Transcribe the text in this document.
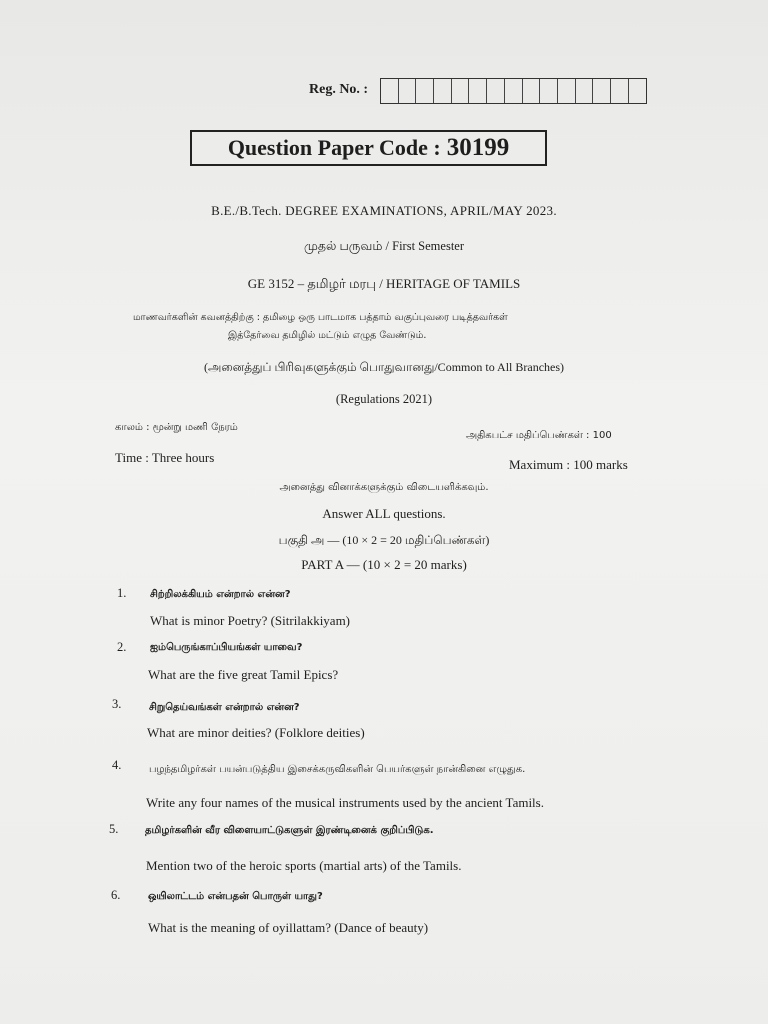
Reg. No. :
Question Paper Code : 30199
B.E./B.Tech. DEGREE EXAMINATIONS, APRIL/MAY 2023.
முதல் பருவம் / First Semester
GE 3152 – தமிழர் மரபு / HERITAGE OF TAMILS
மாணவர்களின் கவனத்திற்கு : தமிழை ஒரு பாடமாக பத்தாம் வகுப்புவரை படித்தவர்கள்
இத்தேர்வை தமிழில் மட்டும் எழுத வேண்டும்.
(அனைத்துப் பிரிவுகளுக்கும் பொதுவானது/Common to All Branches)
(Regulations 2021)
காலம் : மூன்று மணி நேரம்
அதிகபட்ச மதிப்பெண்கள் : 100
Time : Three hours	Maximum : 100 marks
அனைத்து வினாக்களுக்கும் விடையளிக்கவும்.
Answer ALL questions.
பகுதி அ — (10 × 2 = 20 மதிப்பெண்கள்)
PART A — (10 × 2 = 20 marks)
1. சிற்றிலக்கியம் என்றால் என்ன?
What is minor Poetry? (Sitrilakkiyam)
2. ஐம்பெருங்காப்பியங்கள் யாவை?
What are the five great Tamil Epics?
3.	சிறுதெய்வங்கள் என்றால் என்ன?
What are minor deities? (Folklore deities)
4.	பழந்தமிழர்கள் பயன்படுத்திய இசைக்கருவிகளின் பெயர்களுள் நான்கினை எழுதுக.
Write any four names of the musical instruments used by the ancient Tamils.
5.	தமிழர்களின் வீர விளையாட்டுகளுள் இரண்டினைக் குறிப்பிடுக.
Mention two of the heroic sports (martial arts) of the Tamils.
6.	ஒயிலாட்டம் என்பதன் பொருள் யாது?
What is the meaning of oyillattam? (Dance of beauty)
